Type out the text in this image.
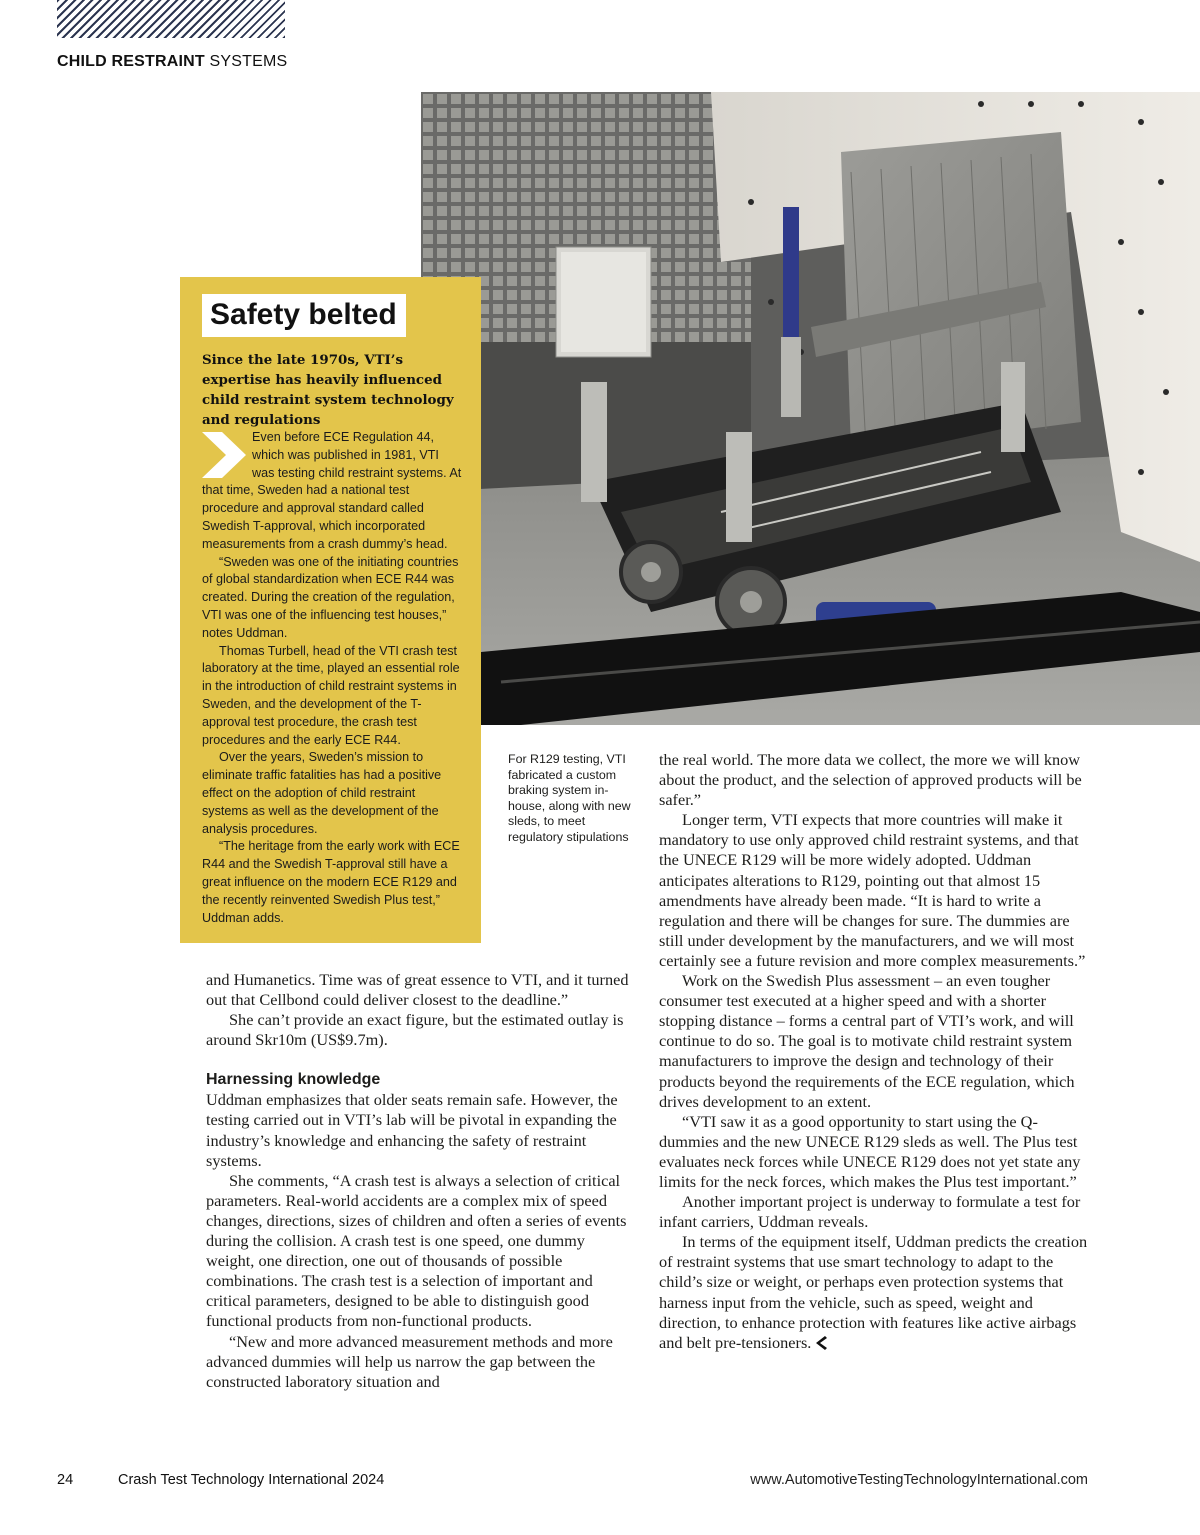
CHILD RESTRAINT SYSTEMS
Safety belted
Since the late 1970s, VTI’s expertise has heavily influenced child restraint system technology and regulations

Even before ECE Regulation 44, which was published in 1981, VTI was testing child restraint systems. At that time, Sweden had a national test procedure and approval standard called Swedish T-approval, which incorporated measurements from a crash dummy’s head.

“Sweden was one of the initiating countries of global standardization when ECE R44 was created. During the creation of the regulation, VTI was one of the influencing test houses,” notes Uddman.

Thomas Turbell, head of the VTI crash test laboratory at the time, played an essential role in the introduction of child restraint systems in Sweden, and the development of the T-approval test procedure, the crash test procedures and the early ECE R44.

Over the years, Sweden’s mission to eliminate traffic fatalities has had a positive effect on the adoption of child restraint systems as well as the development of the analysis procedures.

“The heritage from the early work with ECE R44 and the Swedish T-approval still have a great influence on the modern ECE R129 and the recently reinvented Swedish Plus test,” Uddman adds.

For R129 testing, VTI fabricated a custom braking system in-house, along with new sleds, to meet regulatory stipulations

and Humanetics. Time was of great essence to VTI, and it turned out that Cellbond could deliver closest to the deadline.”

She can’t provide an exact figure, but the estimated outlay is around Skr10m (US$9.7m).

Harnessing knowledge

Uddman emphasizes that older seats remain safe. However, the testing carried out in VTI’s lab will be pivotal in expanding the industry’s knowledge and enhancing the safety of restraint systems.

She comments, “A crash test is always a selection of critical parameters. Real-world accidents are a complex mix of speed changes, directions, sizes of children and often a series of events during the collision. A crash test is one speed, one dummy weight, one direction, one out of thousands of possible combinations. The crash test is a selection of important and critical parameters, designed to be able to distinguish good functional products from non-functional products.

“New and more advanced measurement methods and more advanced dummies will help us narrow the gap between the constructed laboratory situation and

the real world. The more data we collect, the more we will know about the product, and the selection of approved products will be safer.”

Longer term, VTI expects that more countries will make it mandatory to use only approved child restraint systems, and that the UNECE R129 will be more widely adopted. Uddman anticipates alterations to R129, pointing out that almost 15 amendments have already been made. “It is hard to write a regulation and there will be changes for sure. The dummies are still under development by the manufacturers, and we will most certainly see a future revision and more complex measurements.”

Work on the Swedish Plus assessment – an even tougher consumer test executed at a higher speed and with a shorter stopping distance – forms a central part of VTI’s work, and will continue to do so. The goal is to motivate child restraint system manufacturers to improve the design and technology of their products beyond the requirements of the ECE regulation, which drives development to an extent.

“VTI saw it as a good opportunity to start using the Q-dummies and the new UNECE R129 sleds as well. The Plus test evaluates neck forces while UNECE R129 does not yet state any limits for the neck forces, which makes the Plus test important.”

Another important project is underway to formulate a test for infant carriers, Uddman reveals.

In terms of the equipment itself, Uddman predicts the creation of restraint systems that use smart technology to adapt to the child’s size or weight, or perhaps even protection systems that harness input from the vehicle, such as speed, weight and direction, to enhance protection with features like active airbags and belt pre-tensioners.

24	Crash Test Technology International 2024	www.AutomotiveTestingTechnologyInternational.com
